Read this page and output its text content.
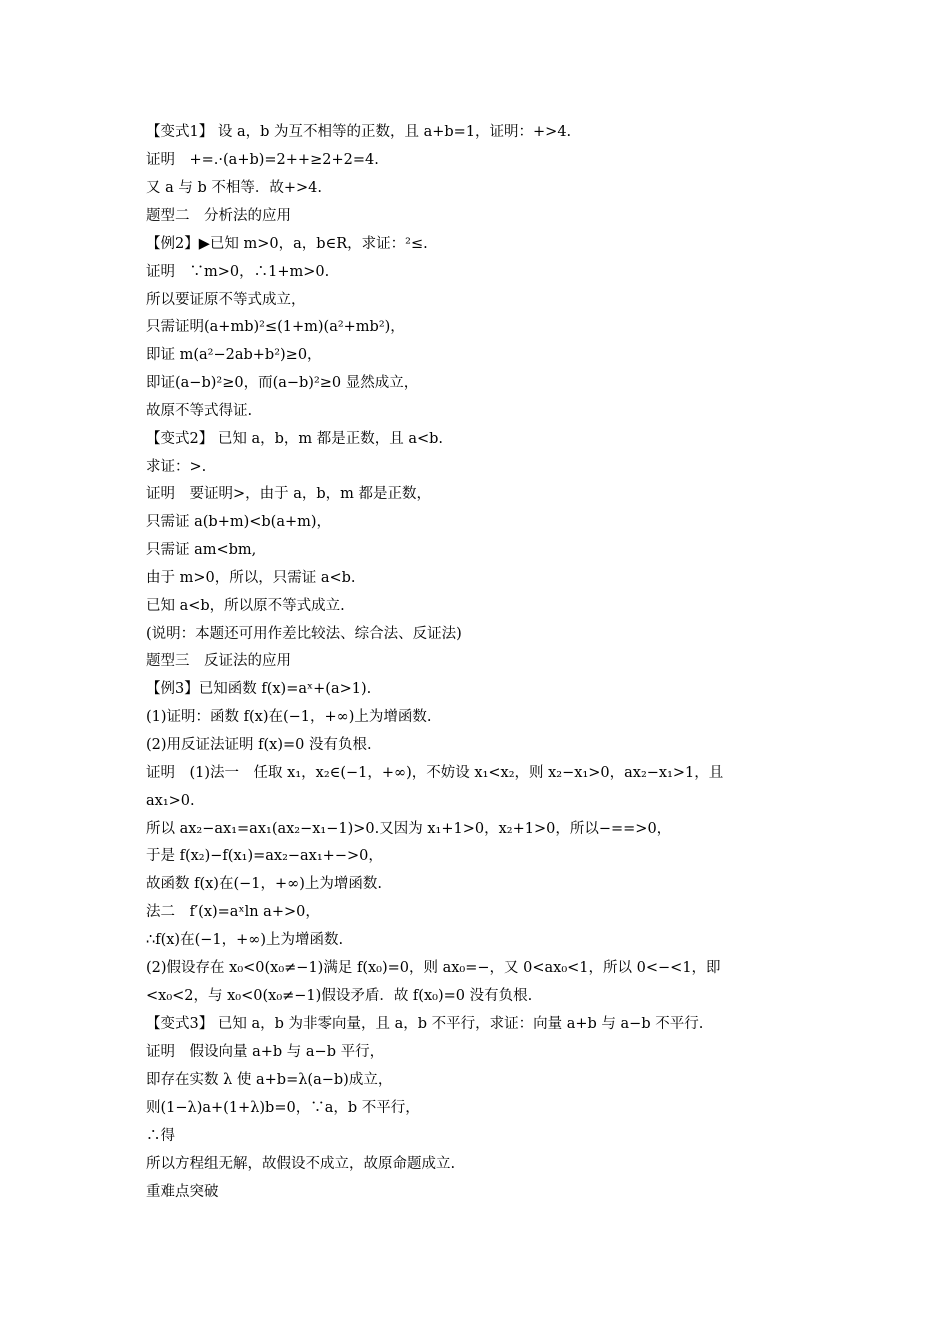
【变式1】 设 a，b 为互不相等的正数，且 a+b=1，证明：+>4.
证明　+=.·(a+b)=2++≥2+2=4.
又 a 与 b 不相等．故+>4.
题型二　分析法的应用
【例2】▶已知 m>0，a，b∈R，求证：²≤.
证明　∵m>0，∴1+m>0.
所以要证原不等式成立，
只需证明(a+mb)²≤(1+m)(a²+mb²)，
即证 m(a²−2ab+b²)≥0，
即证(a−b)²≥0，而(a−b)²≥0 显然成立，
故原不等式得证.
【变式2】 已知 a，b，m 都是正数，且 a<b.
求证：>.
证明　要证明>，由于 a，b，m 都是正数，
只需证 a(b+m)<b(a+m)，
只需证 am<bm,
由于 m>0，所以，只需证 a<b.
已知 a<b，所以原不等式成立.
(说明：本题还可用作差比较法、综合法、反证法)
题型三　反证法的应用
【例3】已知函数 f(x)=aˣ+(a>1).
(1)证明：函数 f(x)在(−1，+∞)上为增函数.
(2)用反证法证明 f(x)=0 没有负根.
证明　(1)法一　任取 x₁，x₂∈(−1，+∞)，不妨设 x₁<x₂，则 x₂−x₁>0，ax₂−x₁>1，且
ax₁>0.
所以 ax₂−ax₁=ax₁(ax₂−x₁−1)>0.又因为 x₁+1>0，x₂+1>0，所以−==>0，
于是 f(x₂)−f(x₁)=ax₂−ax₁+−>0，
故函数 f(x)在(−1，+∞)上为增函数.
法二　f′(x)=aˣln a+>0，
∴f(x)在(−1，+∞)上为增函数.
(2)假设存在 x₀<0(x₀≠−1)满足 f(x₀)=0，则 ax₀=−，又 0<ax₀<1，所以 0<−<1，即
<x₀<2，与 x₀<0(x₀≠−1)假设矛盾．故 f(x₀)=0 没有负根.
【变式3】 已知 a，b 为非零向量，且 a，b 不平行，求证：向量 a+b 与 a−b 不平行.
证明　假设向量 a+b 与 a−b 平行，
即存在实数 λ 使 a+b=λ(a−b)成立，
则(1−λ)a+(1+λ)b=0，∵a，b 不平行，
∴得
所以方程组无解，故假设不成立，故原命题成立.
重难点突破
